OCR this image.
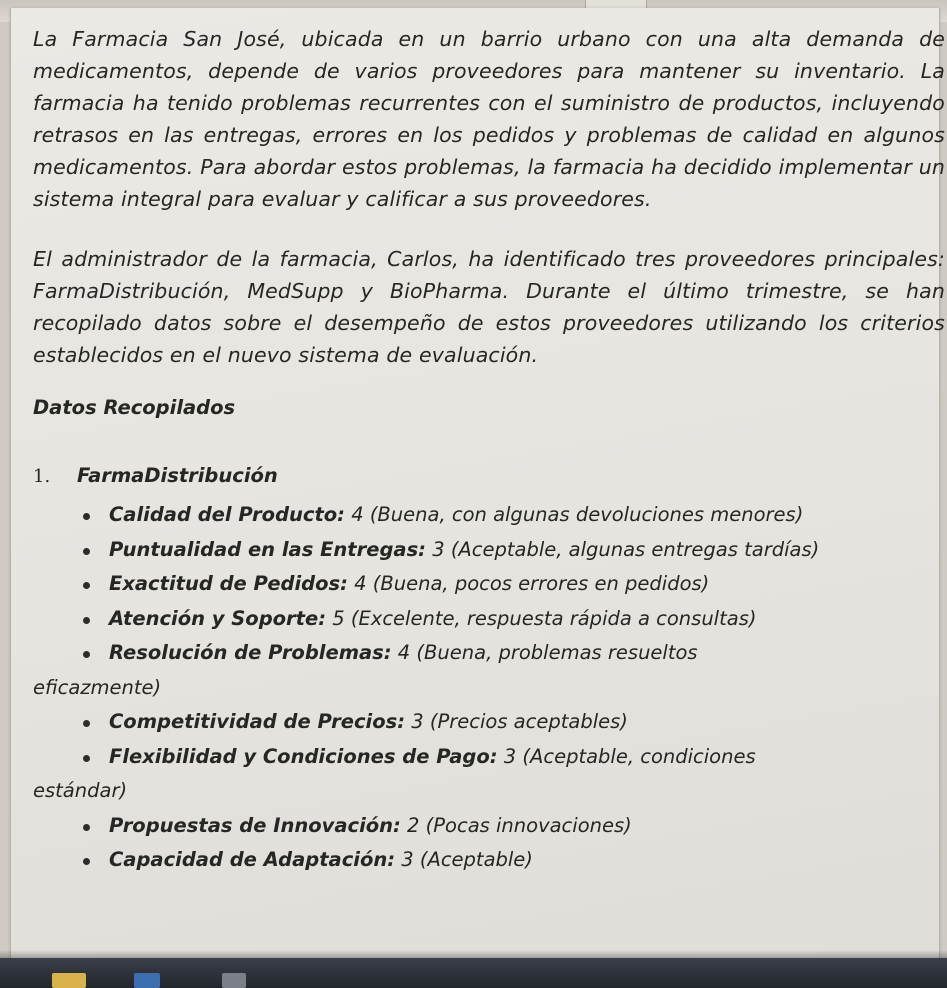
La Farmacia San José, ubicada en un barrio urbano con una alta demanda de medicamentos, depende de varios proveedores para mantener su inventario. La farmacia ha tenido problemas recurrentes con el suministro de productos, incluyendo retrasos en las entregas, errores en los pedidos y problemas de calidad en algunos medicamentos. Para abordar estos problemas, la farmacia ha decidido implementar un sistema integral para evaluar y calificar a sus proveedores.

El administrador de la farmacia, Carlos, ha identificado tres proveedores principales: FarmaDistribución, MedSupp y BioPharma. Durante el último trimestre, se han recopilado datos sobre el desempeño de estos proveedores utilizando los criterios establecidos en el nuevo sistema de evaluación.

Datos Recopilados
1. FarmaDistribución
Calidad del Producto: 4 (Buena, con algunas devoluciones menores)
Puntualidad en las Entregas: 3 (Aceptable, algunas entregas tardías)
Exactitud de Pedidos: 4 (Buena, pocos errores en pedidos)
Atención y Soporte: 5 (Excelente, respuesta rápida a consultas)
Resolución de Problemas: 4 (Buena, problemas resueltos
eficazmente)
Competitividad de Precios: 3 (Precios aceptables)
Flexibilidad y Condiciones de Pago: 3 (Aceptable, condiciones
estándar)
Propuestas de Innovación: 2 (Pocas innovaciones)
Capacidad de Adaptación: 3 (Aceptable)
